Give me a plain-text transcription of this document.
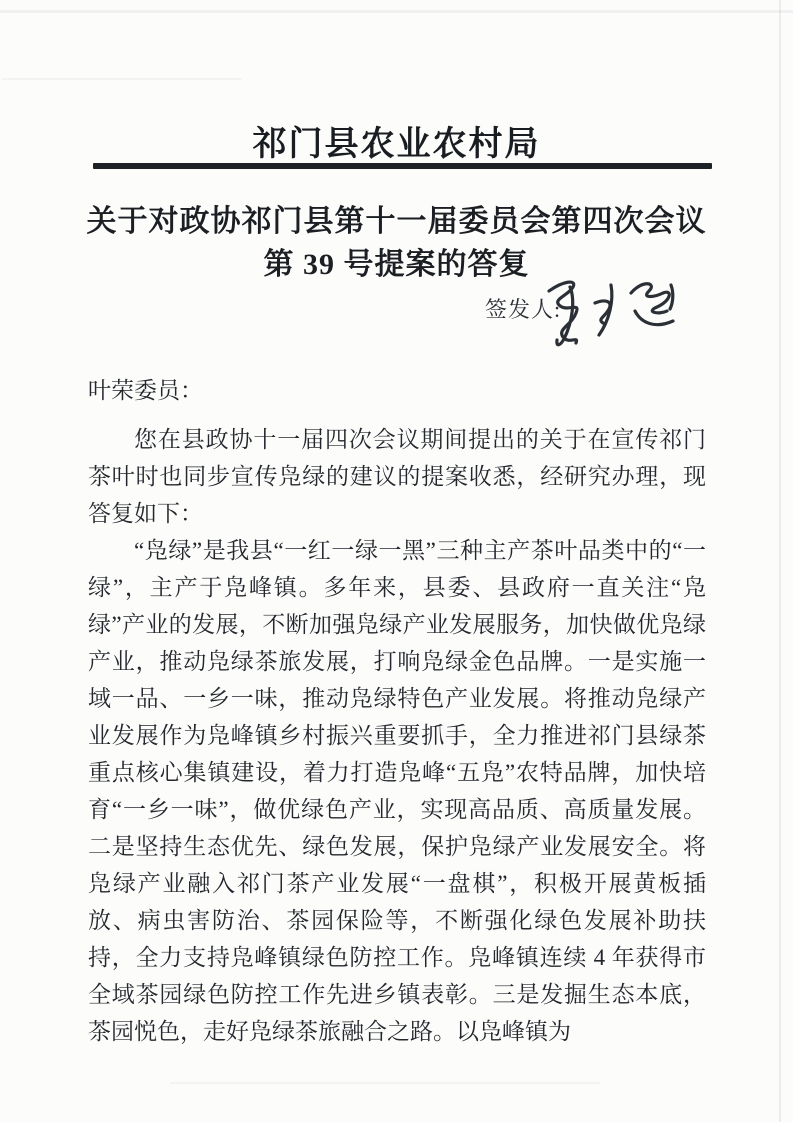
祁门县农业农村局
关于对政协祁门县第十一届委员会第四次会议
第 39 号提案的答复
签发人:

叶荣委员：

您在县政协十一届四次会议期间提出的关于在宣传祁门茶叶时也同步宣传凫绿的建议的提案收悉，经研究办理，现答复如下：

“凫绿”是我县“一红一绿一黑”三种主产茶叶品类中的“一绿”，主产于凫峰镇。多年来，县委、县政府一直关注“凫绿”产业的发展，不断加强凫绿产业发展服务，加快做优凫绿产业，推动凫绿茶旅发展，打响凫绿金色品牌。一是实施一域一品、一乡一味，推动凫绿特色产业发展。将推动凫绿产业发展作为凫峰镇乡村振兴重要抓手，全力推进祁门县绿茶重点核心集镇建设，着力打造凫峰“五凫”农特品牌，加快培育“一乡一味”，做优绿色产业，实现高品质、高质量发展。二是坚持生态优先、绿色发展，保护凫绿产业发展安全。将凫绿产业融入祁门茶产业发展“一盘棋”，积极开展黄板插放、病虫害防治、茶园保险等，不断强化绿色发展补助扶持，全力支持凫峰镇绿色防控工作。凫峰镇连续 4 年获得市全域茶园绿色防控工作先进乡镇表彰。三是发掘生态本底，茶园悦色，走好凫绿茶旅融合之路。以凫峰镇为
